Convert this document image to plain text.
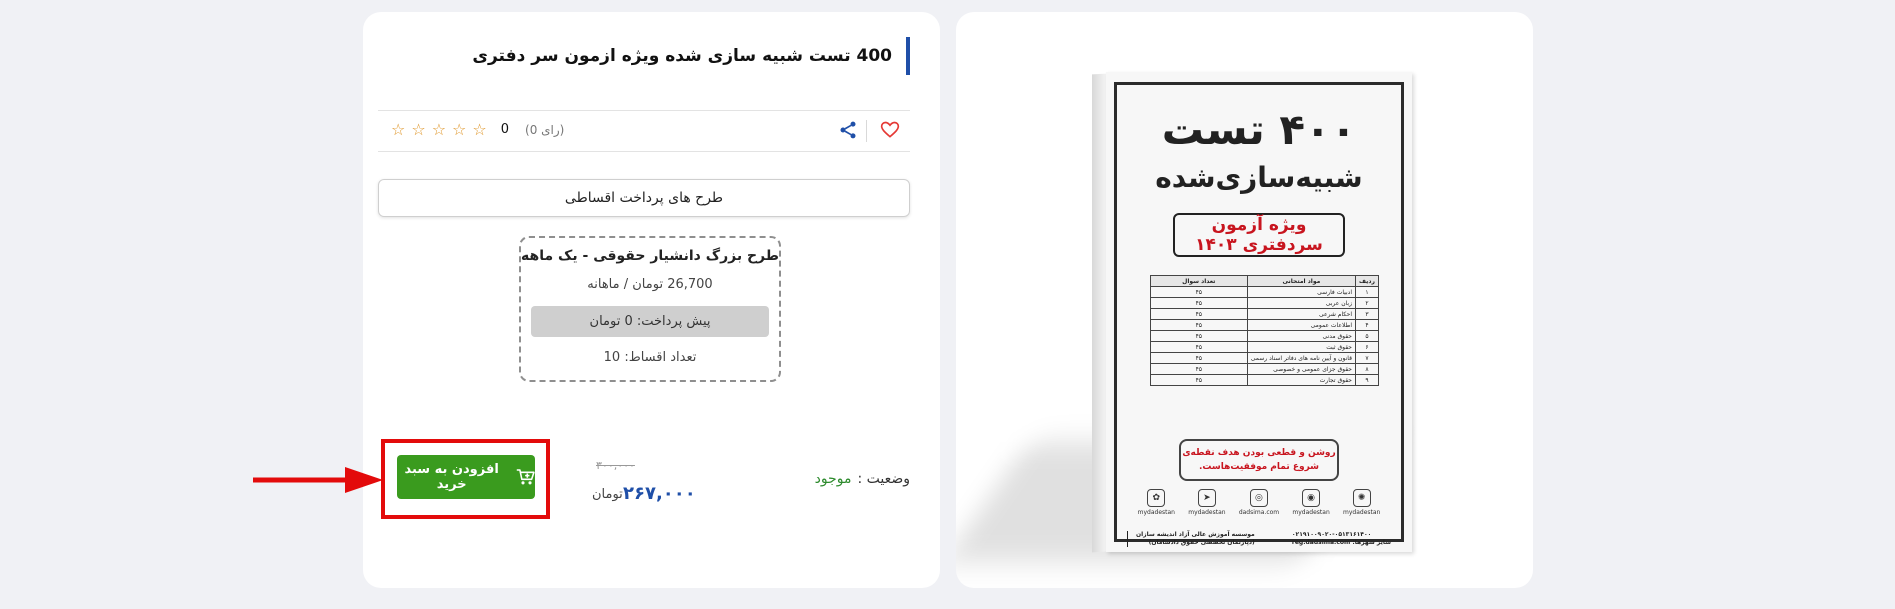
400 تست شبیه سازی شده ویژه ازمون سر دفتری
☆ ☆ ☆ ☆ ☆ 0 (رای 0)
طرح های پرداخت اقساطی
طرح بزرگ دانشیار حقوقی - یک ماهه
26,700 تومان / ماهانه
پیش پرداخت: 0 تومان
تعداد اقساط: 10
وضعیت :
موجود
۳۰۰,۰۰۰
۲۶۷,۰۰۰
تومان
افزودن به سبد خرید
۴۰۰ تست
شبیه‌سازی‌شده
ویژه آزمون سردفتری ۱۴۰۳
ردیف	مواد امتحانی	تعداد سوال
۱	ادبیات فارسی	۴۵
۲	زبان عربی	۴۵
۳	احکام شرعی	۴۵
۴	اطلاعات عمومی	۴۵
۵	حقوق مدنی	۴۵
۶	حقوق ثبت	۴۵
۷	قانون و آیین نامه های دفاتر اسناد رسمی	۴۵
۸	حقوق جزای عمومی و خصوصی	۴۵
۹	حقوق تجارت	۴۵
روشن و قطعی بودن هدف نقطه‌ی
شروع تمام موفقیت‌هاست.
✿
mydadestan
➤
mydadestan
◎
dadsima.com
◉
mydadestan
✺
mydadestan
۰۲۱۹۱۰۰۹۰۲۰-۰۵۱۳۱۶۱۴۰۰
reg.dadsima.com :سایر شهرها
موسسه آموزش عالی آزاد اندیشه سازان
(دپارتمان تخصصی حقوق دادسامان)
